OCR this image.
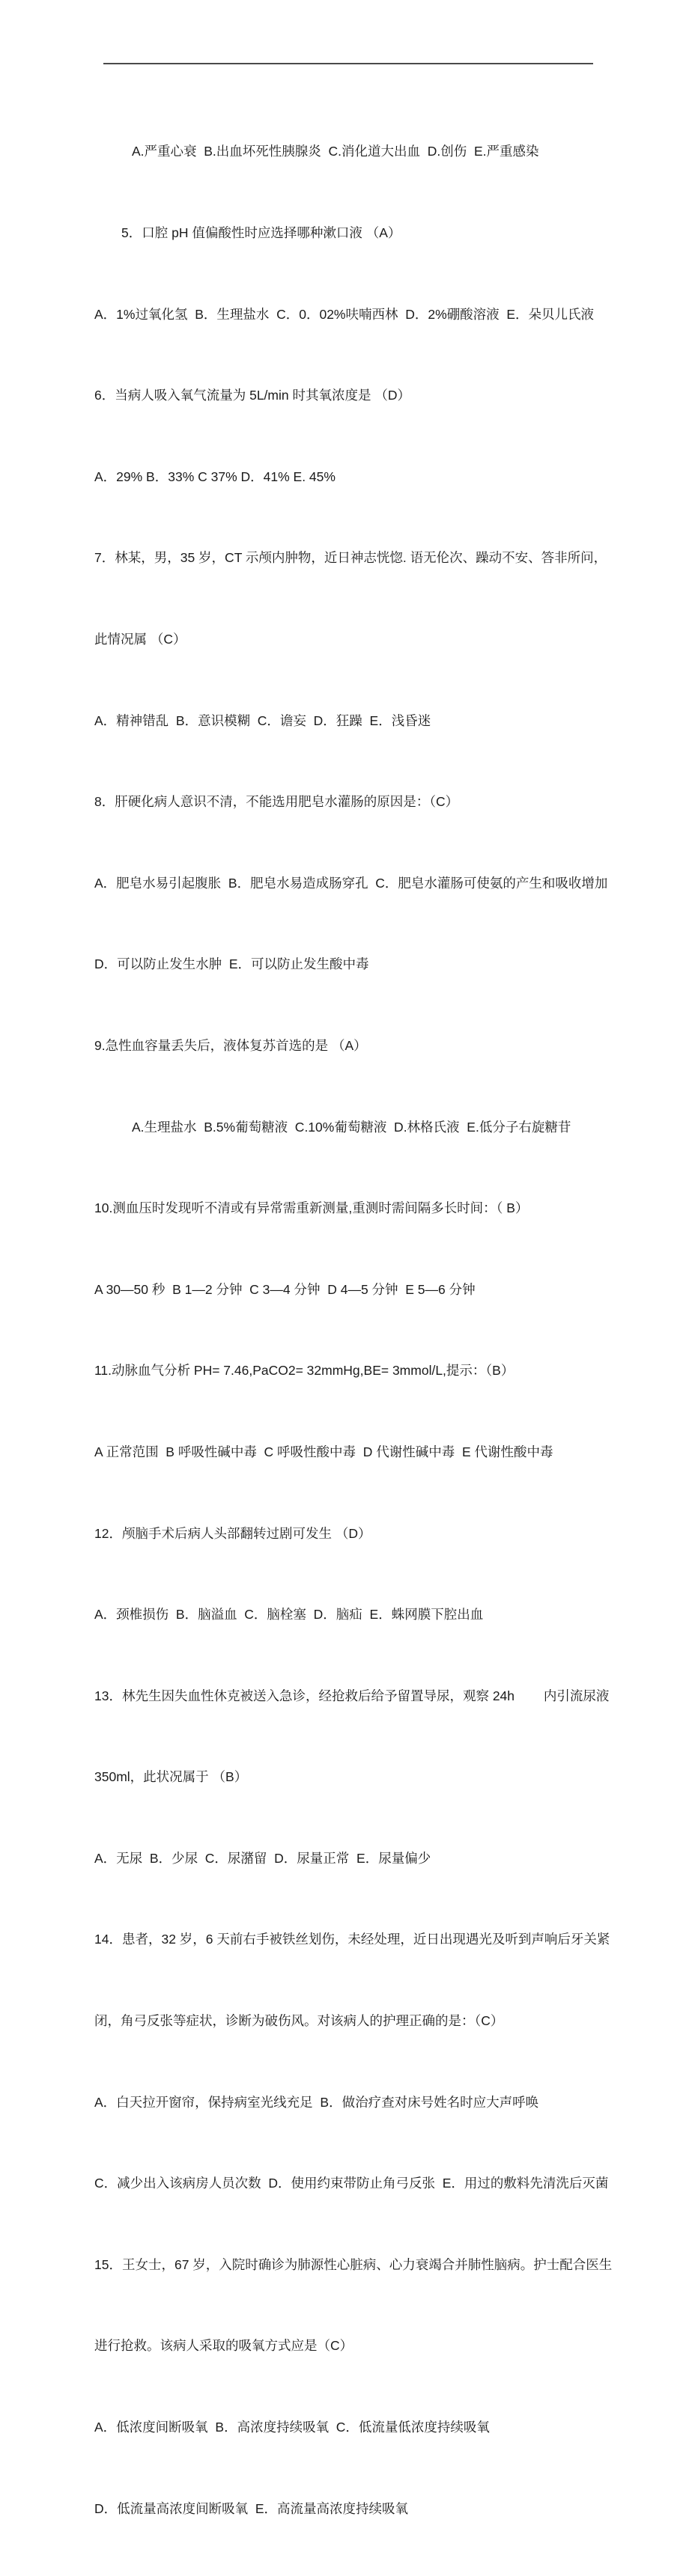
A.严重心衰  B.出血坏死性胰腺炎  C.消化道大出血  D.创伤  E.严重感染

5．口腔 pH 值偏酸性时应选择哪种漱口液 （A）

A．1%过氧化氢  B．生理盐水  C．0．02%呋喃西林  D．2%硼酸溶液  E．朵贝儿氏液

6．当病人吸入氧气流量为 5L/min 时其氧浓度是 （D）

A．29% B．33% C 37% D．41% E. 45%

7．林某，男，35 岁，CT 示颅内肿物，近日神志恍惚. 语无伦次、躁动不安、答非所问，

此情况属 （C）

A．精神错乱  B．意识模糊  C．谵妄  D．狂躁  E．浅昏迷

8．肝硬化病人意识不清，不能选用肥皂水灌肠的原因是：（C）

A．肥皂水易引起腹胀  B．肥皂水易造成肠穿孔  C．肥皂水灌肠可使氨的产生和吸收增加

D．可以防止发生水肿  E．可以防止发生酸中毒

9.急性血容量丢失后，液体复苏首选的是 （A）

A.生理盐水  B.5%葡萄糖液  C.10%葡萄糖液  D.林格氏液  E.低分子右旋糖苷

10.测血压时发现听不清或有异常需重新测量,重测时需间隔多长时间：（ B）

A 30—50 秒  B 1—2 分钟  C 3—4 分钟  D 4—5 分钟  E 5—6 分钟

11.动脉血气分析 PH= 7.46,PaCO2= 32mmHg,BE= 3mmol/L,提示：（B）

A 正常范围  B 呼吸性碱中毒  C 呼吸性酸中毒  D 代谢性碱中毒  E 代谢性酸中毒

12．颅脑手术后病人头部翻转过剧可发生 （D）

A．颈椎损伤  B．脑溢血  C．脑栓塞  D．脑疝  E．蛛网膜下腔出血

13．林先生因失血性休克被送入急诊，经抢救后给予留置导尿，观察 24h        内引流尿液

350ml，此状况属于 （B）

A．无尿  B．少尿  C．尿潴留  D．尿量正常  E．尿量偏少

14．患者，32 岁，6 天前右手被铁丝划伤，未经处理，近日出现遇光及听到声响后牙关紧

闭，角弓反张等症状，诊断为破伤风。对该病人的护理正确的是：（C）

A．白天拉开窗帘，保持病室光线充足  B．做治疗查对床号姓名时应大声呼唤

C．减少出入该病房人员次数  D．使用约束带防止角弓反张  E．用过的敷料先清洗后灭菌

15．王女士，67 岁，入院时确诊为肺源性心脏病、心力衰竭合并肺性脑病。护士配合医生

进行抢救。该病人采取的吸氧方式应是（C）

A．低浓度间断吸氧  B．高浓度持续吸氧  C．低流量低浓度持续吸氧

D．低流量高浓度间断吸氧  E．高流量高浓度持续吸氧
